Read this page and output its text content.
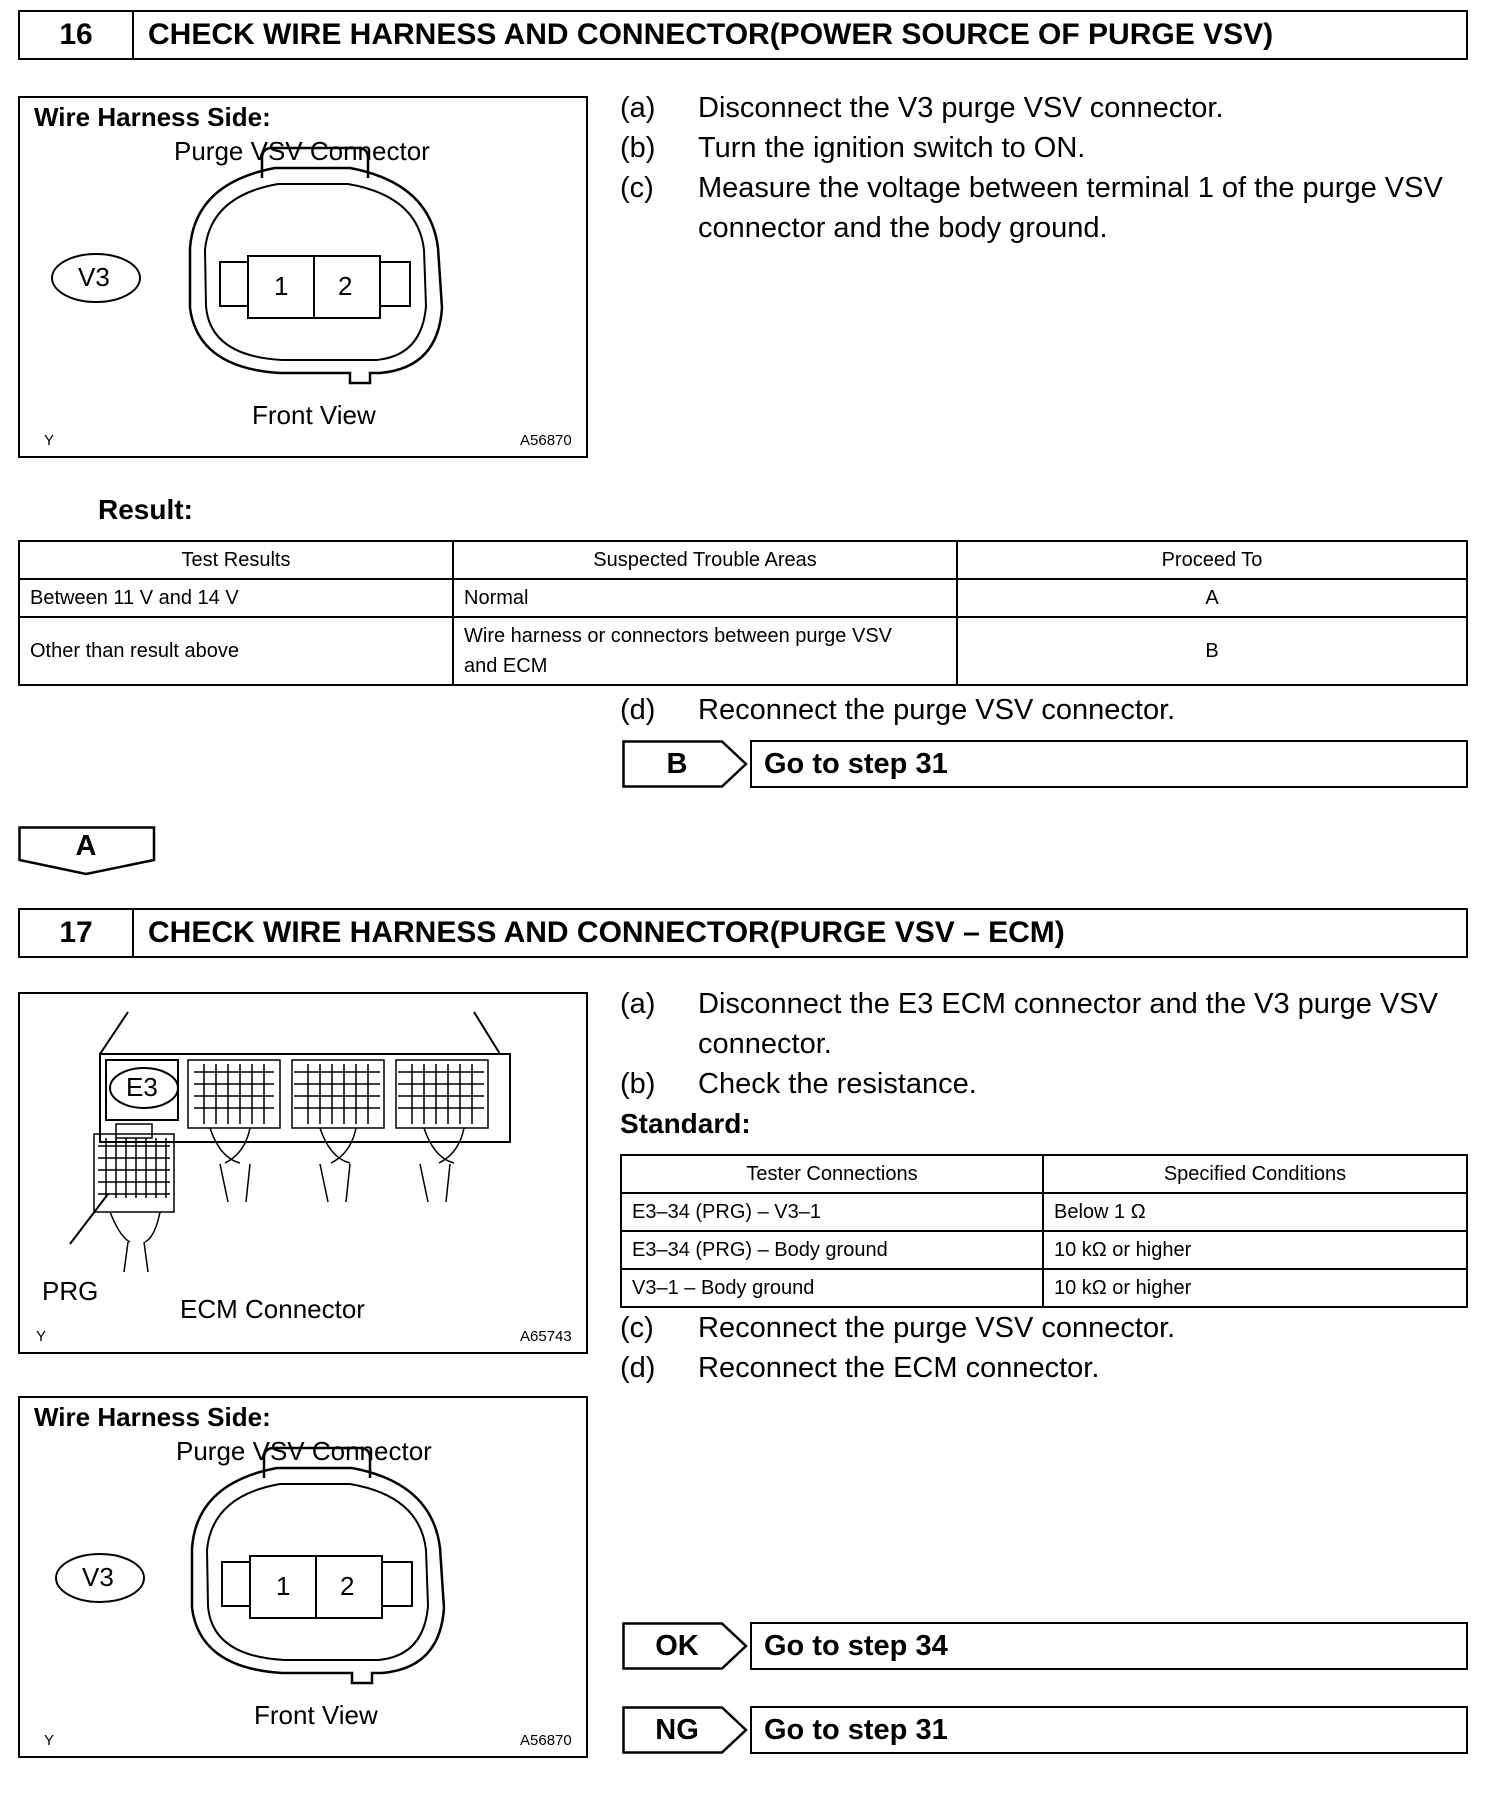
16	CHECK WIRE HARNESS AND CONNECTOR(POWER SOURCE OF PURGE VSV)
Wire Harness Side:
Purge VSV Connector
V3	1 2
Front View
Y	A56870
(a) Disconnect the V3 purge VSV connector.
(b) Turn the ignition switch to ON.
(c) Measure the voltage between terminal 1 of the purge VSV
connector and the body ground.
Result:
Test Results	Suspected Trouble Areas	Proceed To
Between 11 V and 14 V	Normal	A
Other than result above	Wire harness or connectors between purge VSV
and ECM	B
(d) Reconnect the purge VSV connector.
B	Go to step 31
A
17	CHECK WIRE HARNESS AND CONNECTOR(PURGE VSV – ECM)
E3
PRG
ECM Connector
Y	A65743
Wire Harness Side:
Purge VSV Connector
V3	1 2
Front View
Y	A56870
(a) Disconnect the E3 ECM connector and the V3 purge VSV
connector.
(b) Check the resistance.
Standard:
Tester Connections	Specified Conditions
E3–34 (PRG) – V3–1	Below 1 Ω
E3–34 (PRG) – Body ground	10 kΩ or higher
V3–1 – Body ground	10 kΩ or higher
(c) Reconnect the purge VSV connector.
(d) Reconnect the ECM connector.
OK	Go to step 34
NG	Go to step 31
